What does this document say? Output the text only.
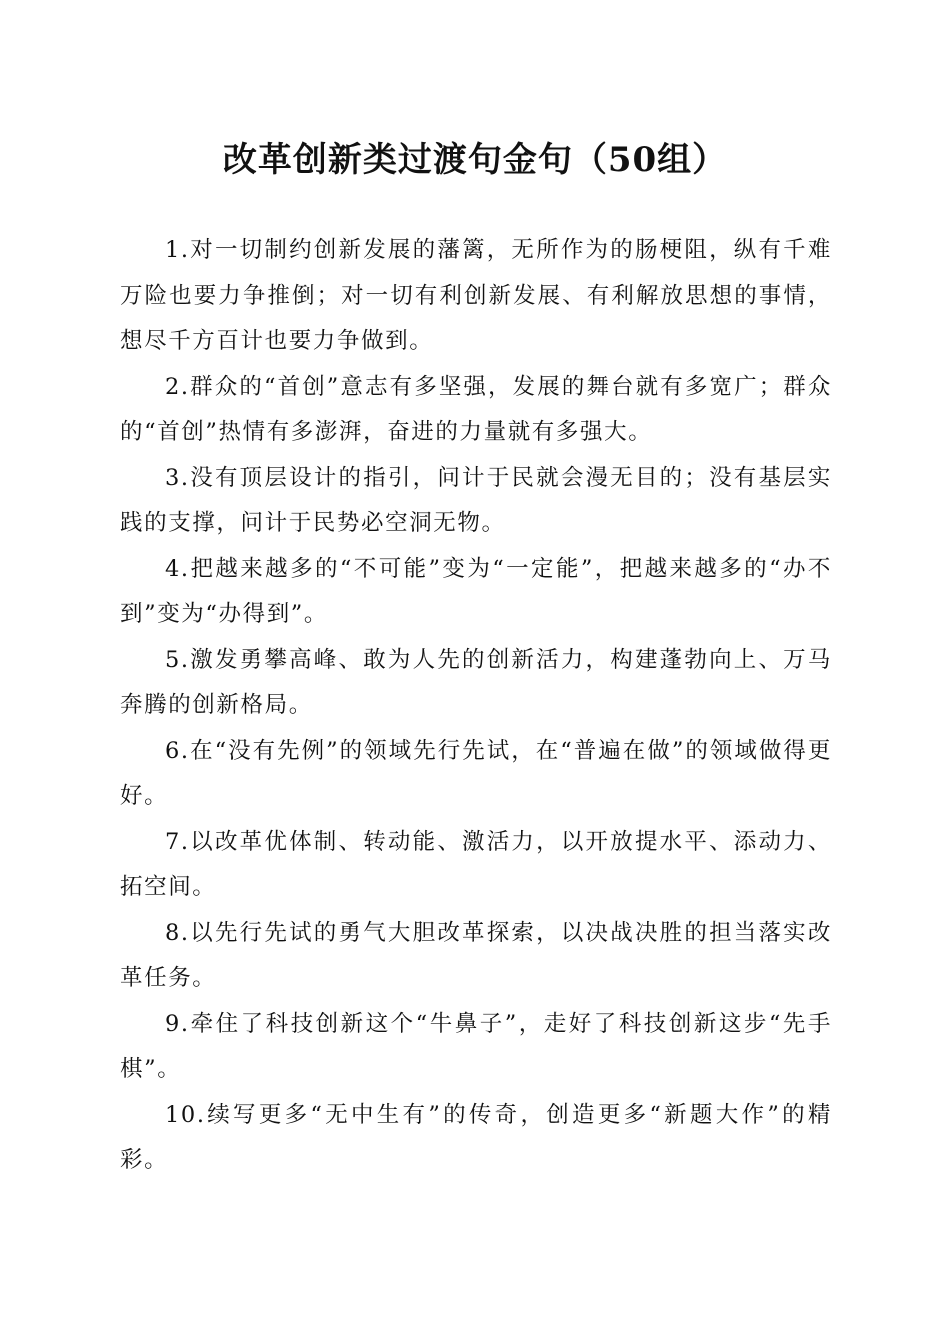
改革创新类过渡句金句（50组）

1.对一切制约创新发展的藩篱，无所作为的肠梗阻，纵有千难万险也要力争推倒；对一切有利创新发展、有利解放思想的事情，想尽千方百计也要力争做到。

2.群众的“首创”意志有多坚强，发展的舞台就有多宽广；群众的“首创”热情有多澎湃，奋进的力量就有多强大。

3.没有顶层设计的指引，问计于民就会漫无目的；没有基层实践的支撑，问计于民势必空洞无物。

4.把越来越多的“不可能”变为“一定能”，把越来越多的“办不到”变为“办得到”。

5.激发勇攀高峰、敢为人先的创新活力，构建蓬勃向上、万马奔腾的创新格局。

6.在“没有先例”的领域先行先试，在“普遍在做”的领域做得更好。

7.以改革优体制、转动能、激活力，以开放提水平、添动力、拓空间。

8.以先行先试的勇气大胆改革探索，以决战决胜的担当落实改革任务。

9.牵住了科技创新这个“牛鼻子”，走好了科技创新这步“先手棋”。

10.续写更多“无中生有”的传奇，创造更多“新题大作”的精彩。
